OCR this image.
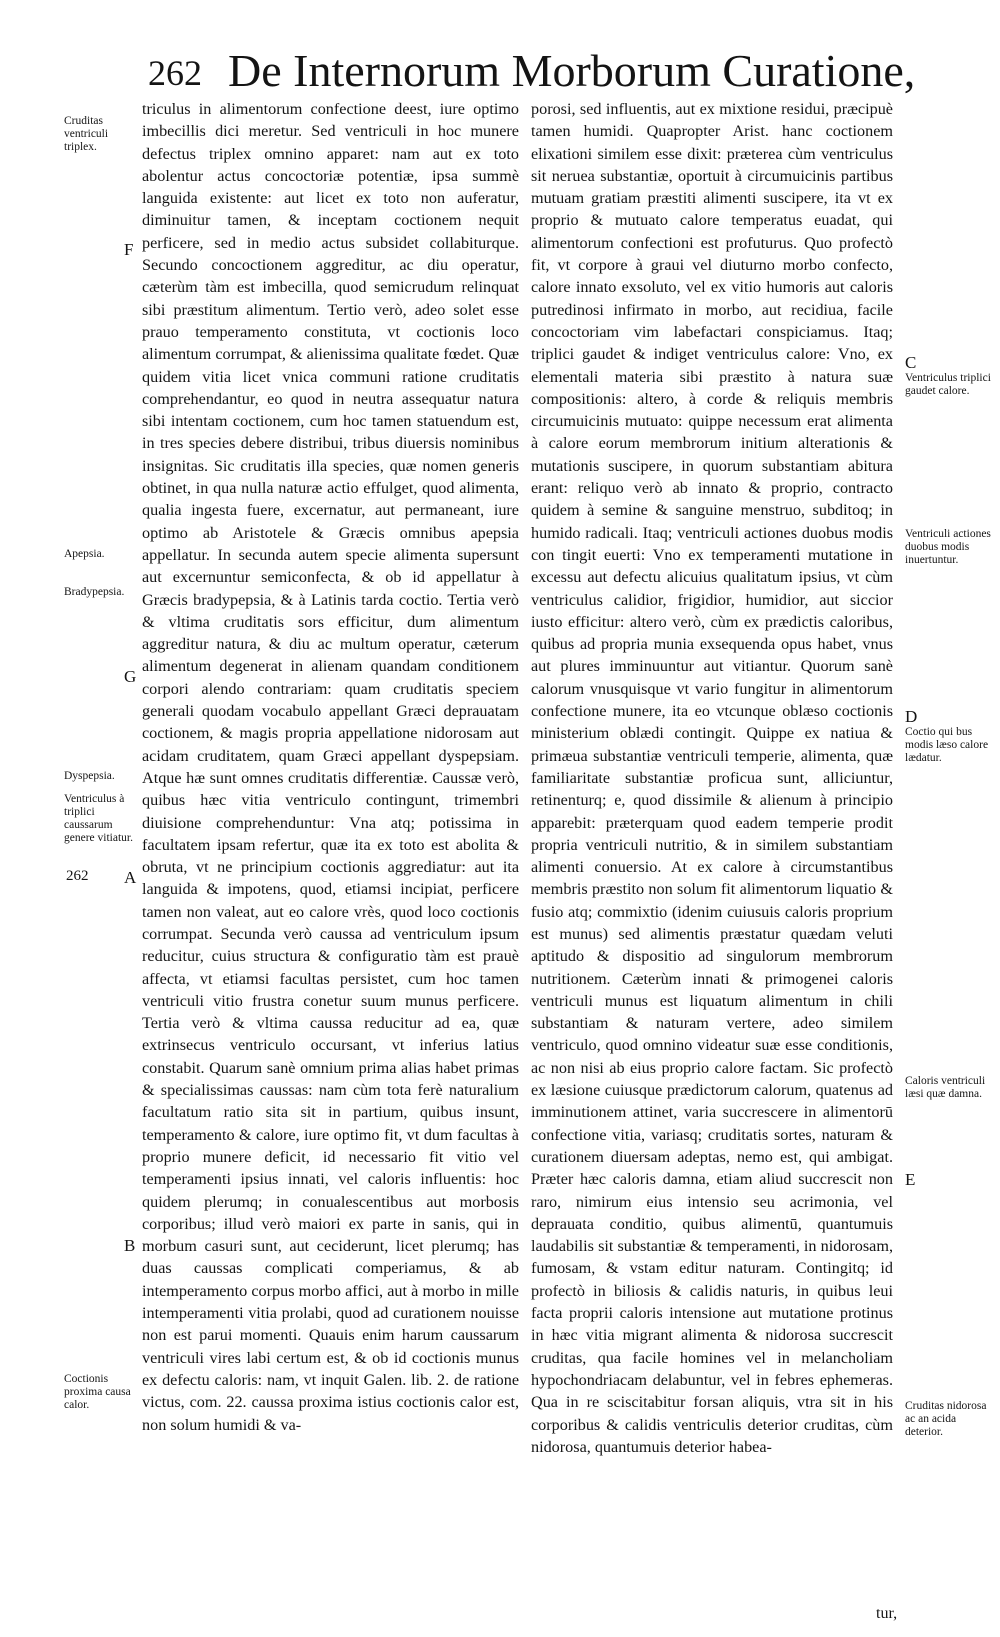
262 De Internorum Morborum Curatione,
Cruditas ventriculi triplex.
Apepsia.
Bradypepsia.
Dyspepsia.
Ventriculus à triplici caussarum genere vitiatur.
Coctionis proxima causa calor.
F
G
262 A
B

triculus in alimentorum confectione deest, iure optimo imbecillis dici meretur. Sed ventriculi in hoc munere defectus triplex omnino apparet: nam aut ex toto abolentur actus concoctoriæ potentiæ, ipsa summè languida existente: aut licet ex toto non auferatur, diminuitur tamen, & inceptam coctionem nequit perficere, sed in medio actus subsidet collabiturque. Secundo concoctionem aggreditur, ac diu operatur, cæterùm tàm est imbecilla, quod semicrudum relinquat sibi præstitum alimentum. Tertio verò, adeo solet esse prauo temperamento constituta, vt coctionis loco alimentum corrumpat, & alienissima qualitate fœdet. Quæ quidem vitia licet vnica communi ratione cruditatis comprehendantur, eo quod in neutra assequatur natura sibi intentam coctionem, cum hoc tamen statuendum est, in tres species debere distribui, tribus diuersis nominibus insignitas. Sic cruditatis illa species, quæ nomen generis obtinet, in qua nulla naturæ actio effulget, quod alimenta, qualia ingesta fuere, excernatur, aut permaneant, iure optimo ab Aristotele & Græcis omnibus apepsia appellatur. In secunda autem specie alimenta supersunt aut excernuntur semiconfecta, & ob id appellatur à Græcis bradypepsia, & à Latinis tarda coctio. Tertia verò & vltima cruditatis sors efficitur, dum alimentum aggreditur natura, & diu ac multum operatur, cæterum alimentum degenerat in alienam quandam conditionem corpori alendo contrariam: quam cruditatis speciem generali quodam vocabulo appellant Græci deprauatam coctionem, & magis propria appellatione nidorosam aut acidam cruditatem, quam Græci appellant dyspepsiam. Atque hæ sunt omnes cruditatis differentiæ. Caussæ verò, quibus hæc vitia ventriculo contingunt, trimembri diuisione comprehenduntur: Vna atq; potissima in facultatem ipsam refertur, quæ ita ex toto est abolita & obruta, vt ne principium coctionis aggrediatur: aut ita languida & impotens, quod, etiamsi incipiat, perficere tamen non valeat, aut eo calore vrès, quod loco coctionis corrumpat. Secunda verò caussa ad ventriculum ipsum reducitur, cuius structura & configuratio tàm est prauè affecta, vt etiamsi facultas persistet, cum hoc tamen ventriculi vitio frustra conetur suum munus perficere. Tertia verò & vltima caussa reducitur ad ea, quæ extrinsecus ventriculo occursant, vt inferius latius constabit. Quarum sanè omnium prima alias habet primas & specialissimas caussas: nam cùm tota ferè naturalium facultatum ratio sita sit in partium, quibus insunt, temperamento & calore, iure optimo fit, vt dum facultas à proprio munere deficit, id necessario fit vitio vel temperamenti ipsius innati, vel caloris influentis: hoc quidem plerumq; in conualescentibus aut morbosis corporibus; illud verò maiori ex parte in sanis, qui in morbum casuri sunt, aut ceciderunt, licet plerumq; has duas caussas complicati comperiamus, & ab intemperamento corpus morbo affici, aut à morbo in mille intemperamenti vitia prolabi, quod ad curationem nouisse non est parui momenti. Quauis enim harum caussarum ventriculi vires labi certum est, & ob id coctionis munus ex defectu caloris: nam, vt inquit Galen. lib. 2. de ratione victus, com. 22. caussa proxima istius coctionis calor est, non solum humidi & va-

porosi, sed influentis, aut ex mixtione residui, præcipuè tamen humidi. Quapropter Arist. hanc coctionem elixationi similem esse dixit: præterea cùm ventriculus sit neruea substantiæ, oportuit à circumuicinis partibus mutuam gratiam præstiti alimenti suscipere, ita vt ex proprio & mutuato calore temperatus euadat, qui alimentorum confectioni est profuturus. Quo profectò fit, vt corpore à graui vel diuturno morbo confecto, calore innato exsoluto, vel ex vitio humoris aut caloris putredinosi infirmato in morbo, aut recidiua, facile concoctoriam vim labefactari conspiciamus. Itaq; triplici gaudet & indiget ventriculus calore: Vno, ex elementali materia sibi præstito à natura suæ compositionis: altero, à corde & reliquis membris circumuicinis mutuato: quippe necessum erat alimenta à calore eorum membrorum initium alterationis & mutationis suscipere, in quorum substantiam abitura erant: reliquo verò ab innato & proprio, contracto quidem à semine & sanguine menstruo, subditoq; in humido radicali. Itaq; ventriculi actiones duobus modis con tingit euerti: Vno ex temperamenti mutatione in excessu aut defectu alicuius qualitatum ipsius, vt cùm ventriculus calidior, frigidior, humidior, aut siccior iusto efficitur: altero verò, cùm ex prædictis caloribus, quibus ad propria munia exsequenda opus habet, vnus aut plures imminuuntur aut vitiantur. Quorum sanè calorum vnusquisque vt vario fungitur in alimentorum confectione munere, ita eo vtcunque oblæso coctionis ministerium oblædi contingit. Quippe ex natiua & primæua substantiæ ventriculi temperie, alimenta, quæ familiaritate substantiæ proficua sunt, alliciuntur, retinenturq; e, quod dissimile & alienum à principio apparebit: præterquam quod eadem temperie prodit propria ventriculi nutritio, & in similem substantiam alimenti conuersio. At ex calore à circumstantibus membris præstito non solum fit alimentorum liquatio & fusio atq; commixtio (idenim cuiusuis caloris proprium est munus) sed alimentis præstatur quædam veluti aptitudo & dispositio ad singulorum membrorum nutritionem. Cæterùm innati & primogenei caloris ventriculi munus est liquatum alimentum in chili substantiam & naturam vertere, adeo similem ventriculo, quod omnino videatur suæ esse conditionis, ac non nisi ab eius proprio calore factam. Sic profectò ex læsione cuiusque prædictorum calorum, quatenus ad imminutionem attinet, varia succrescere in alimentorū confectione vitia, variasq; cruditatis sortes, naturam & curationem diuersam adeptas, nemo est, qui ambigat. Præter hæc caloris damna, etiam aliud succrescit non raro, nimirum eius intensio seu acrimonia, vel deprauata conditio, quibus alimentū, quantumuis laudabilis sit substantiæ & temperamenti, in nidorosam, fumosam, & vstam editur naturam. Contingitq; id profectò in biliosis & calidis naturis, in quibus leui facta proprii caloris intensione aut mutatione protinus in hæc vitia migrant alimenta & nidorosa succrescit cruditas, qua facile homines vel in melancholiam hypochondriacam delabuntur, vel in febres ephemeras. Qua in re sciscitabitur forsan aliquis, vtra sit in his corporibus & calidis ventriculis deterior cruditas, cùm nidorosa, quantumuis deterior habea-

C
D
E
Ventriculus triplici gaudet calore.
Ventriculi actiones duobus modis inuertuntur.
Coctio qui bus modis læso calore lædatur.
Caloris ventriculi læsi quæ damna.
Cruditas nidorosa ac an acida deterior.
tur,
